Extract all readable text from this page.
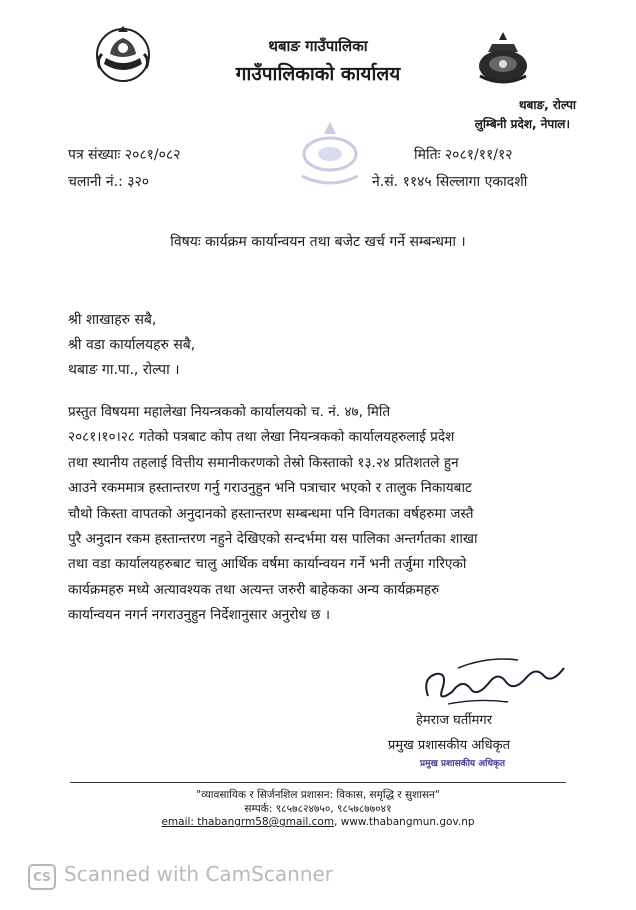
थबाङ गाउँपालिका
गाउँपालिकाको कार्यालय
थबाङ, रोल्पा
लुम्बिनी प्रदेश, नेपाल।
पत्र संख्याः २०८१/०८२
चलानी नं.: ३२०
मितिः २०८१/११/१२
ने.सं. ११४५ सिल्लागा एकादशी
विषयः कार्यक्रम कार्यान्वयन तथा बजेट खर्च गर्ने सम्बन्धमा ।
श्री शाखाहरु सबै,
श्री वडा कार्यालयहरु सबै,
थबाङ गा.पा., रोल्पा ।
प्रस्तुत विषयमा महालेखा नियन्त्रकको कार्यालयको च. नं. ४७, मिति
२०८१।१०।२८ गतेको पत्रबाट कोप तथा लेखा नियन्त्रकको कार्यालयहरुलाई प्रदेश
तथा स्थानीय तहलाई वित्तीय समानीकरणको तेस्रो किस्ताको १३.२४ प्रतिशतले हुन
आउने रकममात्र हस्तान्तरण गर्नु गराउनुहुन भनि पत्राचार भएको र तालुक निकायबाट
चौथो किस्ता वापतको अनुदानको हस्तान्तरण सम्बन्धमा पनि विगतका वर्षहरुमा जस्तै
पुरै अनुदान रकम हस्तान्तरण नहुने देखिएको सन्दर्भमा यस पालिका अन्तर्गतका शाखा
तथा वडा कार्यालयहरुबाट चालु आर्थिक वर्षमा कार्यान्वयन गर्ने भनी तर्जुमा गरिएको
कार्यक्रमहरु मध्ये अत्यावश्यक तथा अत्यन्त जरुरी बाहेकका अन्य कार्यक्रमहरु
कार्यान्वयन नगर्न नगराउनुहुन निर्देशानुसार अनुरोध छ ।
हेमराज घर्तीमगर
प्रमुख प्रशासकीय अधिकृत
प्रमुख प्रशासकीय अधिकृत
"व्यावसायिक र सिर्जनशिल प्रशासन: विकास, समृद्धि र सुशासन"
सम्पर्क: ९८५७८२४७५०, ९८५७८७७०४१
email: thabangrm58@gmail.com, www.thabangmun.gov.np
CS Scanned with CamScanner
